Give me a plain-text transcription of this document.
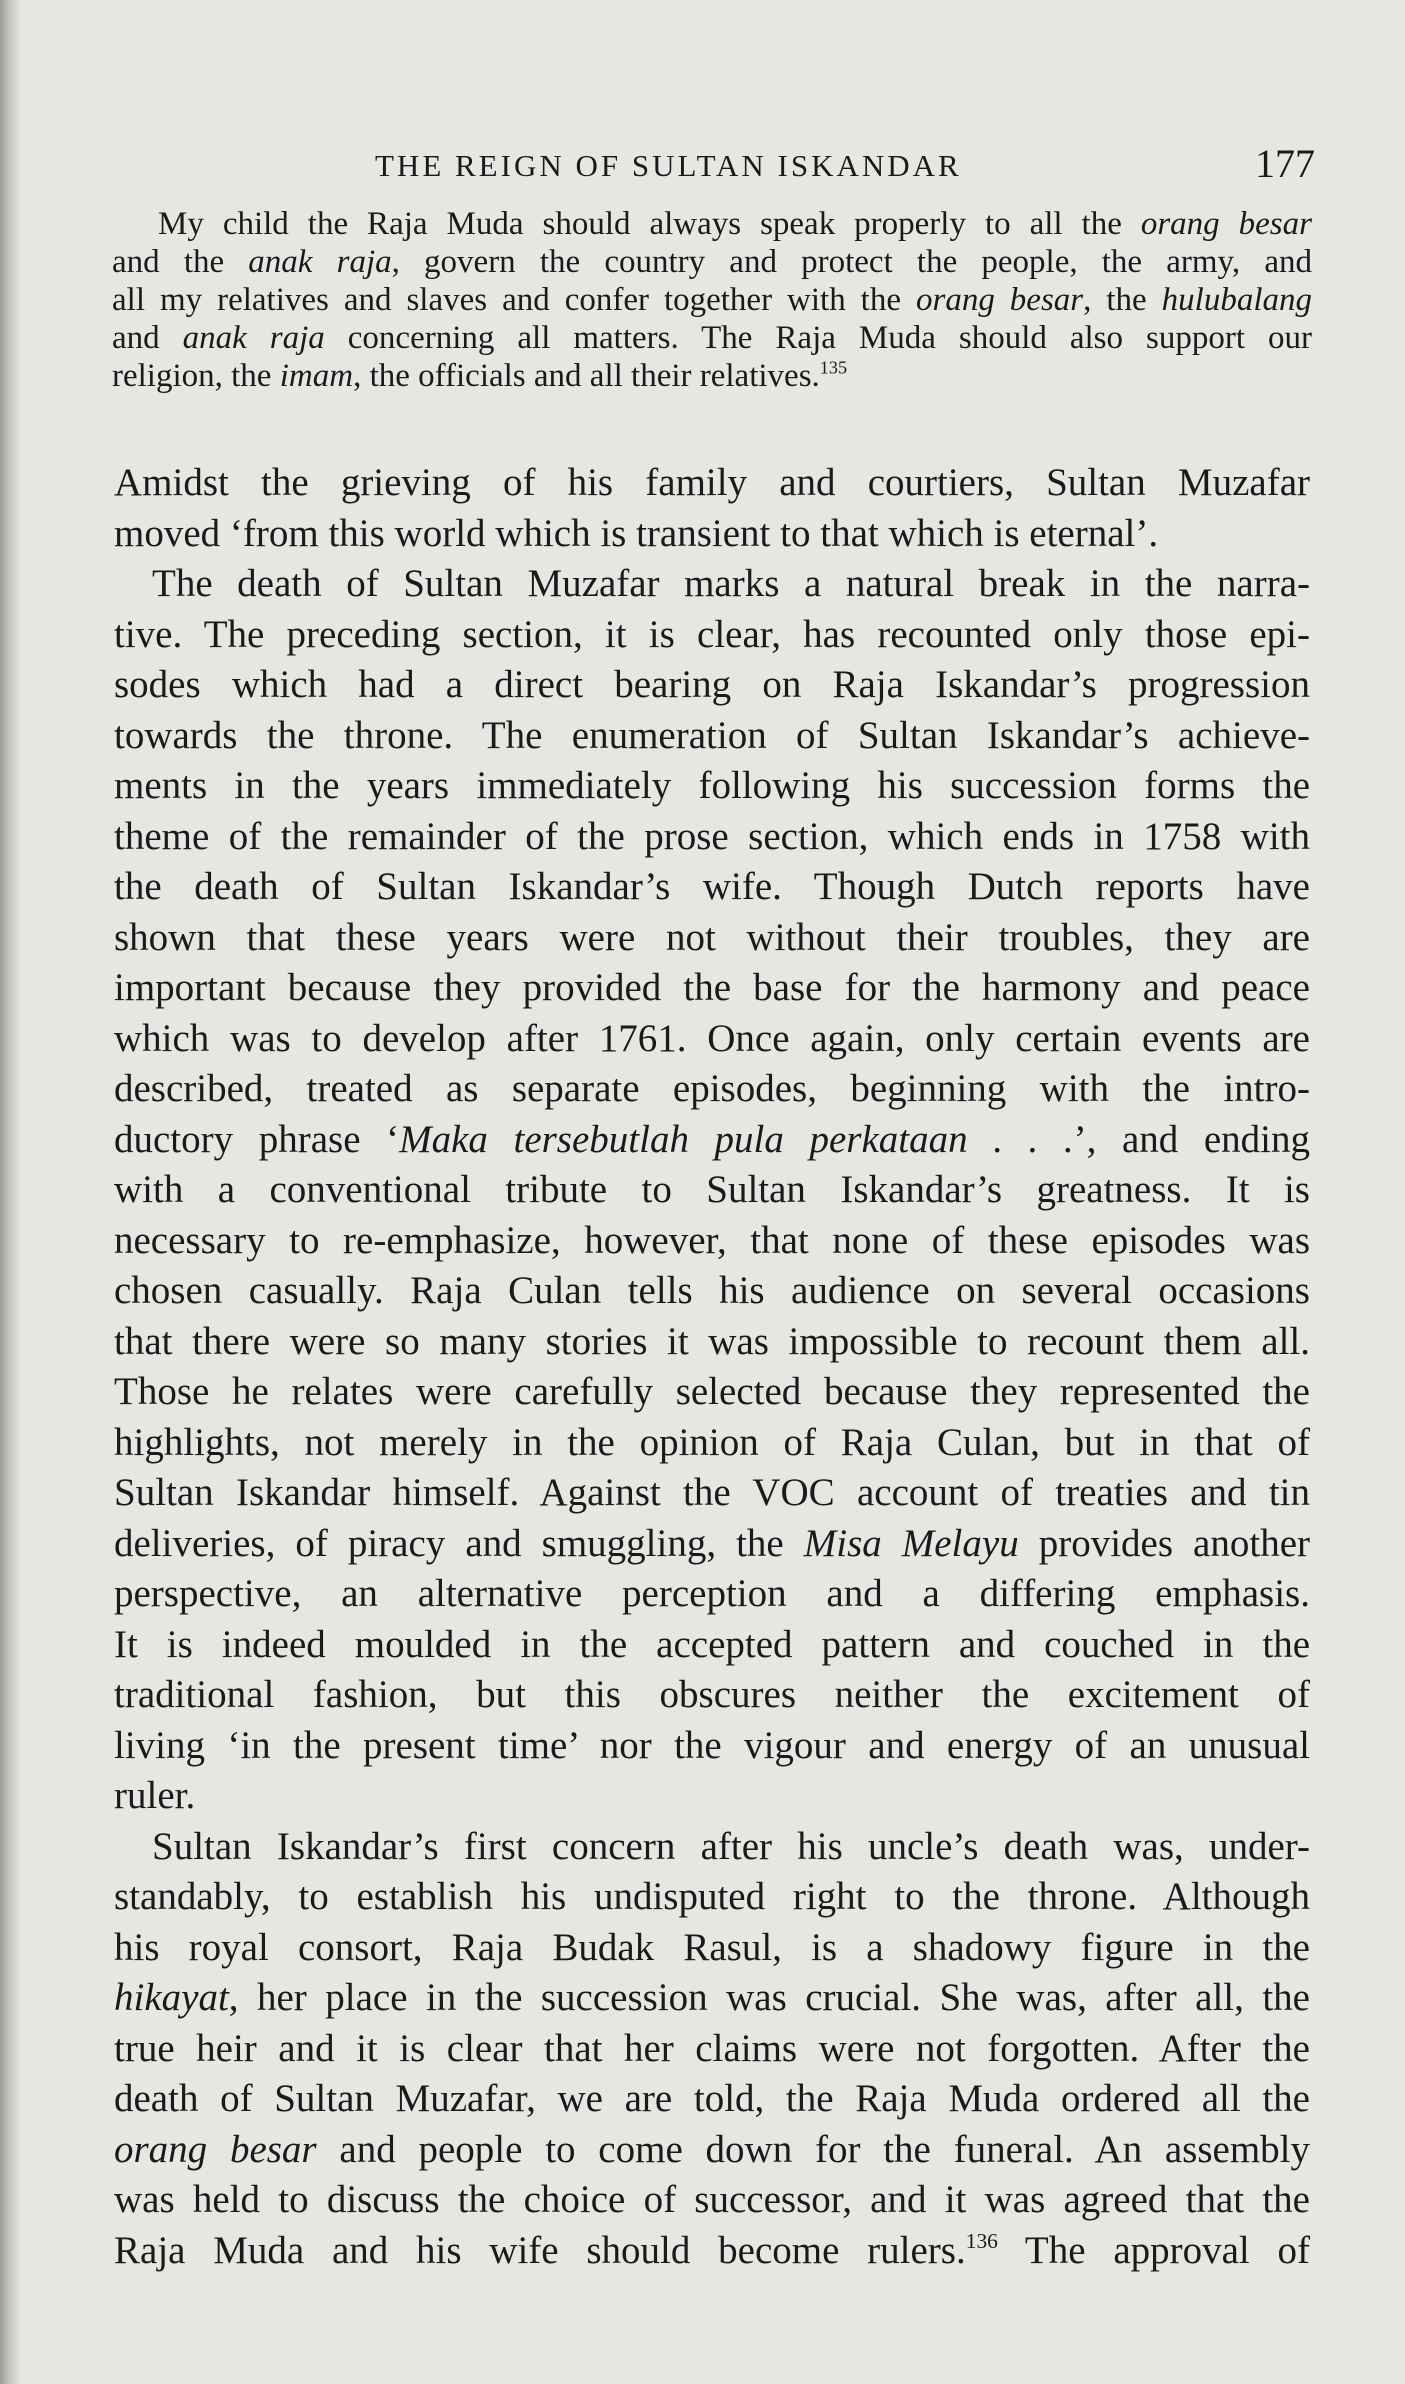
THE REIGN OF SULTAN ISKANDAR	177
My child the Raja Muda should always speak properly to all the orang besar
and the anak raja, govern the country and protect the people, the army, and
all my relatives and slaves and confer together with the orang besar, the hulubalang
and anak raja concerning all matters. The Raja Muda should also support our
religion, the imam, the officials and all their relatives.$^{135}$
Amidst the grieving of his family and courtiers, Sultan Muzafar
moved ‘from this world which is transient to that which is eternal’.
The death of Sultan Muzafar marks a natural break in the narra-
tive. The preceding section, it is clear, has recounted only those epi-
sodes which had a direct bearing on Raja Iskandar’s progression
towards the throne. The enumeration of Sultan Iskandar’s achieve-
ments in the years immediately following his succession forms the
theme of the remainder of the prose section, which ends in 1758 with
the death of Sultan Iskandar’s wife. Though Dutch reports have
shown that these years were not without their troubles, they are
important because they provided the base for the harmony and peace
which was to develop after 1761. Once again, only certain events are
described, treated as separate episodes, beginning with the intro-
ductory phrase ‘Maka tersebutlah pula perkataan . . .’, and ending
with a conventional tribute to Sultan Iskandar’s greatness. It is
necessary to re-emphasize, however, that none of these episodes was
chosen casually. Raja Culan tells his audience on several occasions
that there were so many stories it was impossible to recount them all.
Those he relates were carefully selected because they represented the
highlights, not merely in the opinion of Raja Culan, but in that of
Sultan Iskandar himself. Against the VOC account of treaties and tin
deliveries, of piracy and smuggling, the Misa Melayu provides another
perspective, an alternative perception and a differing emphasis.
It is indeed moulded in the accepted pattern and couched in the
traditional fashion, but this obscures neither the excitement of
living ‘in the present time’ nor the vigour and energy of an unusual
ruler.
Sultan Iskandar’s first concern after his uncle’s death was, under-
standably, to establish his undisputed right to the throne. Although
his royal consort, Raja Budak Rasul, is a shadowy figure in the
hikayat, her place in the succession was crucial. She was, after all, the
true heir and it is clear that her claims were not forgotten. After the
death of Sultan Muzafar, we are told, the Raja Muda ordered all the
orang besar and people to come down for the funeral. An assembly
was held to discuss the choice of successor, and it was agreed that the
Raja Muda and his wife should become rulers.$^{136}$ The approval of
